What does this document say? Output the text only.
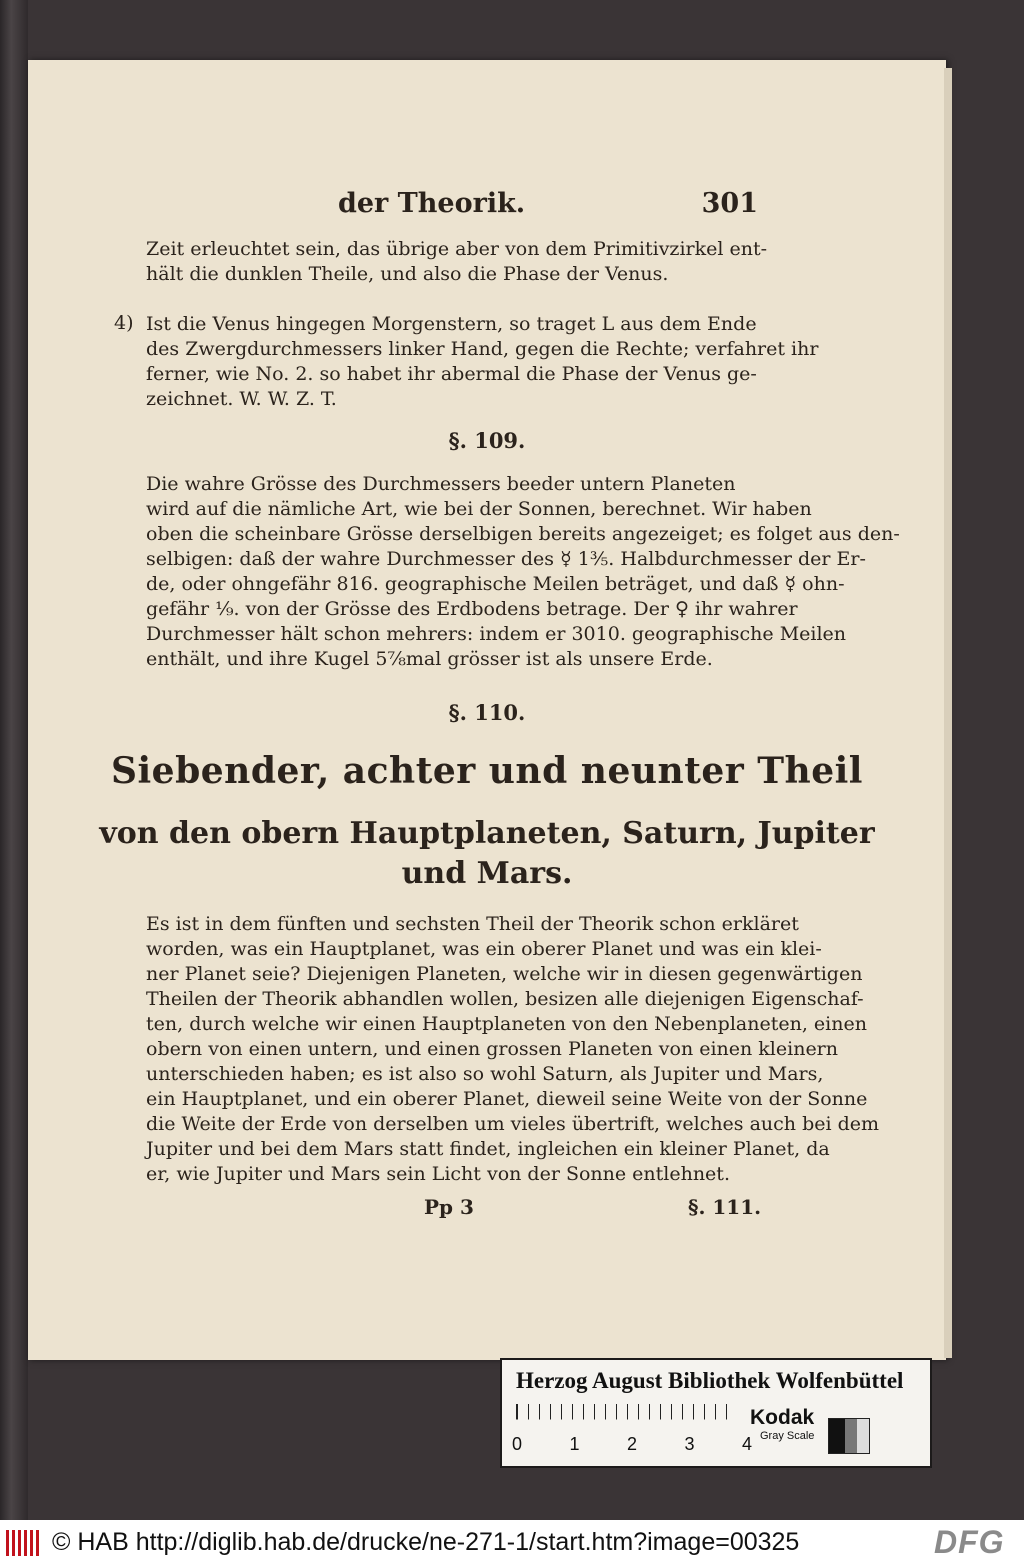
der Theorik.	301
Zeit erleuchtet sein, das übrige aber von dem Primitivzirkel ent-
hält die dunklen Theile, und also die Phase der Venus.
4) Ist die Venus hingegen Morgenstern, so traget L aus dem Ende
des Zwergdurchmessers linker Hand, gegen die Rechte; verfahret ihr
ferner, wie No. 2. so habet ihr abermal die Phase der Venus ge-
zeichnet. W. W. Z. T.
§. 109.
Die wahre Grösse des Durchmessers beeder untern Planeten
wird auf die nämliche Art, wie bei der Sonnen, berechnet. Wir haben
oben die scheinbare Grösse derselbigen bereits angezeiget; es folget aus den-
selbigen: daß der wahre Durchmesser des ☿ 1⅗. Halbdurchmesser der Er-
de, oder ohngefähr 816. geographische Meilen beträget, und daß ☿ ohn-
gefähr ⅑. von der Grösse des Erdbodens betrage. Der ♀ ihr wahrer
Durchmesser hält schon mehrers: indem er 3010. geographische Meilen
enthält, und ihre Kugel 5⅞mal grösser ist als unsere Erde.
§. 110.
Siebender, achter und neunter Theil
von den obern Hauptplaneten, Saturn, Jupiter
und Mars.
Es ist in dem fünften und sechsten Theil der Theorik schon erkläret
worden, was ein Hauptplanet, was ein oberer Planet und was ein klei-
ner Planet seie? Diejenigen Planeten, welche wir in diesen gegenwärtigen
Theilen der Theorik abhandlen wollen, besizen alle diejenigen Eigenschaf-
ten, durch welche wir einen Hauptplaneten von den Nebenplaneten, einen
obern von einen untern, und einen grossen Planeten von einen kleinern
unterschieden haben; es ist also so wohl Saturn, als Jupiter und Mars,
ein Hauptplanet, und ein oberer Planet, dieweil seine Weite von der Sonne
die Weite der Erde von derselben um vieles übertrift, welches auch bei dem
Jupiter und bei dem Mars statt findet, ingleichen ein kleiner Planet, da
er, wie Jupiter und Mars sein Licht von der Sonne entlehnet.
Pp 3	§. 111.
Herzog August Bibliothek Wolfenbüttel
0	1	2	3	4
Kodak
Gray Scale
© HAB http://diglib.hab.de/drucke/ne-271-1/start.htm?image=00325	DFG
